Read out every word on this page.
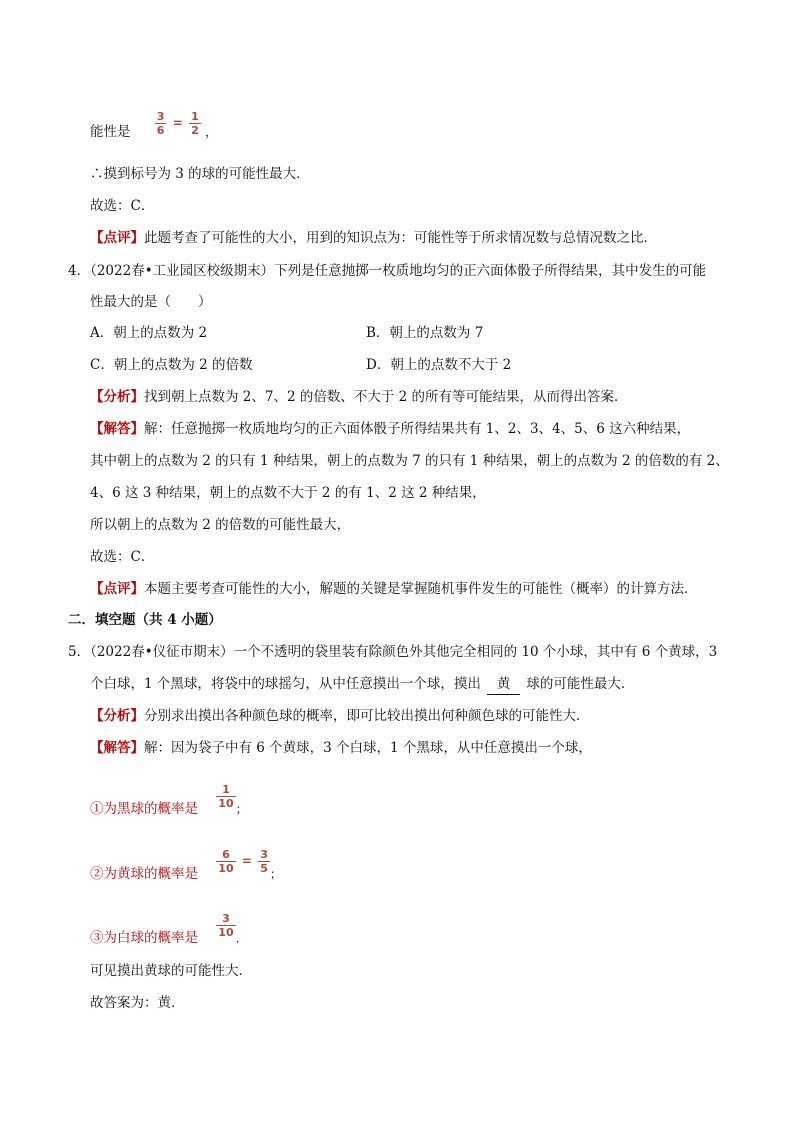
能性是 $\frac{3}{6} = \frac{1}{2}$ ，
∴摸到标号为 3 的球的可能性最大．
故选：C．
【点评】此题考查了可能性的大小，用到的知识点为：可能性等于所求情况数与总情况数之比．
4．（2022春•工业园区校级期末）下列是任意抛掷一枚质地均匀的正六面体骰子所得结果，其中发生的可能
性最大的是（　　）
A．朝上的点数为 2	B．朝上的点数为 7
C．朝上的点数为 2 的倍数	D．朝上的点数不大于 2
【分析】找到朝上点数为 2、7、2 的倍数、不大于 2 的所有等可能结果，从而得出答案．
【解答】解：任意抛掷一枚质地均匀的正六面体骰子所得结果共有 1、2、3、4、5、6 这六种结果，
其中朝上的点数为 2 的只有 1 种结果，朝上的点数为 7 的只有 1 种结果，朝上的点数为 2 的倍数的有 2、
4、6 这 3 种结果，朝上的点数不大于 2 的有 1、2 这 2 种结果，
所以朝上的点数为 2 的倍数的可能性最大，
故选：C．
【点评】本题主要考查可能性的大小，解题的关键是掌握随机事件发生的可能性（概率）的计算方法．
二．填空题（共 4 小题）
5．（2022春•仪征市期末）一个不透明的袋里装有除颜色外其他完全相同的 10 个小球，其中有 6 个黄球，3
个白球，1 个黑球，将袋中的球摇匀，从中任意摸出一个球，摸出 黄 球的可能性最大．
【分析】分别求出摸出各种颜色球的概率，即可比较出摸出何种颜色球的可能性大．
【解答】解：因为袋子中有 6 个黄球，3 个白球，1 个黑球，从中任意摸出一个球，
①为黑球的概率是 $\frac{1}{10}$ ；
②为黄球的概率是 $\frac{6}{10} = \frac{3}{5}$ ；
③为白球的概率是 $\frac{3}{10}$ ．
可见摸出黄球的可能性大．
故答案为：黄．
